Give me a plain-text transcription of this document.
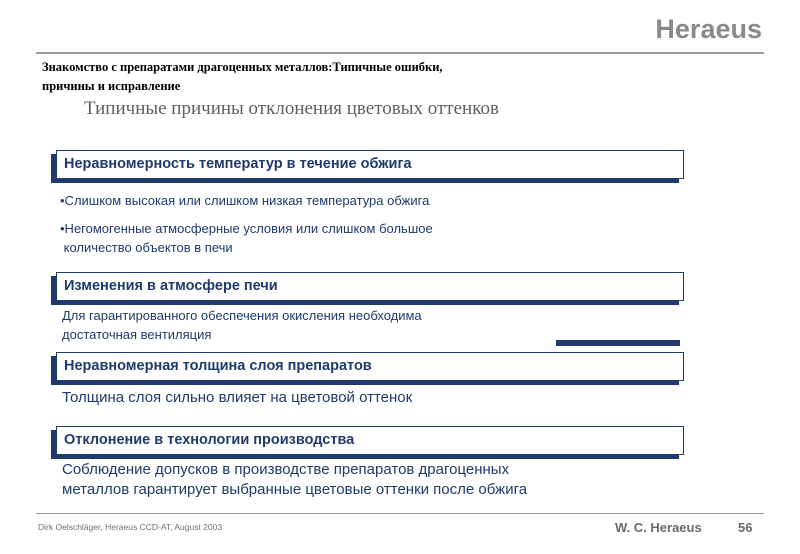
Heraeus
Знакомство с препаратами драгоценных металлов:Типичные ошибки,
причины и исправление
Типичные причины отклонения цветовых оттенков
Неравномерность температур в течение обжига
•Слишком высокая или слишком низкая температура обжига
•Негомогенные атмосферные условия или слишком большое
количество объектов в печи
Изменения в атмосфере печи
Для гарантированного обеспечения окисления необходима
достаточная вентиляция
Неравномерная толщина слоя препаратов
Толщина слоя сильно влияет на цветовой оттенок
Отклонение в технологии производства
Соблюдение допусков в производстве препаратов драгоценных
металлов гарантирует выбранные цветовые оттенки после обжига
Dirk Oelschläger, Heraeus CCD-AT, August 2003	W. C. Heraeus	56
